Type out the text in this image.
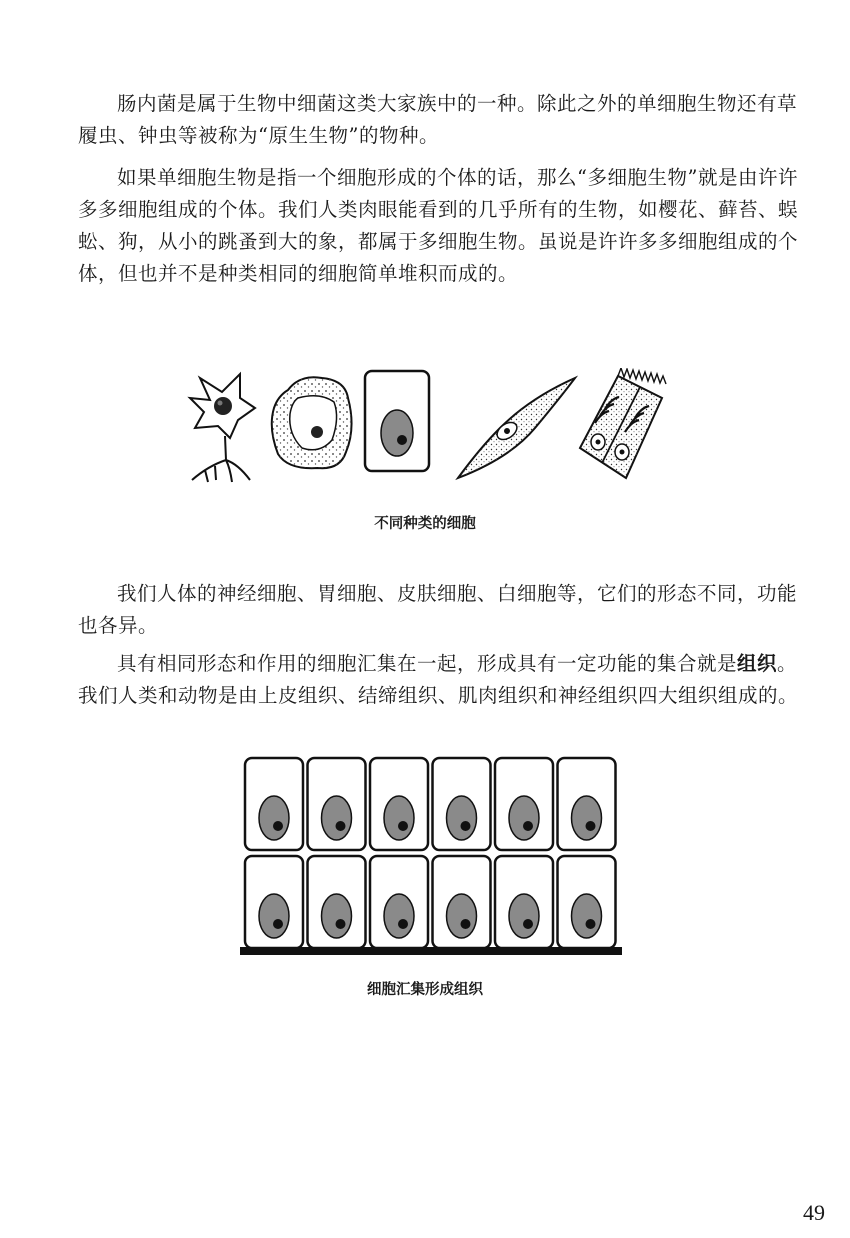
肠内菌是属于生物中细菌这类大家族中的一种。除此之外的单细胞生物还有草履虫、钟虫等被称为“原生生物”的物种。

如果单细胞生物是指一个细胞形成的个体的话，那么“多细胞生物”就是由许许多多细胞组成的个体。我们人类肉眼能看到的几乎所有的生物，如樱花、藓苔、蜈蚣、狗，从小的跳蚤到大的象，都属于多细胞生物。虽说是许许多多细胞组成的个体，但也并不是种类相同的细胞简单堆积而成的。

不同种类的细胞

我们人体的神经细胞、胃细胞、皮肤细胞、白细胞等，它们的形态不同，功能也各异。

具有相同形态和作用的细胞汇集在一起，形成具有一定功能的集合就是组织。我们人类和动物是由上皮组织、结缔组织、肌肉组织和神经组织四大组织组成的。

细胞汇集形成组织
49
